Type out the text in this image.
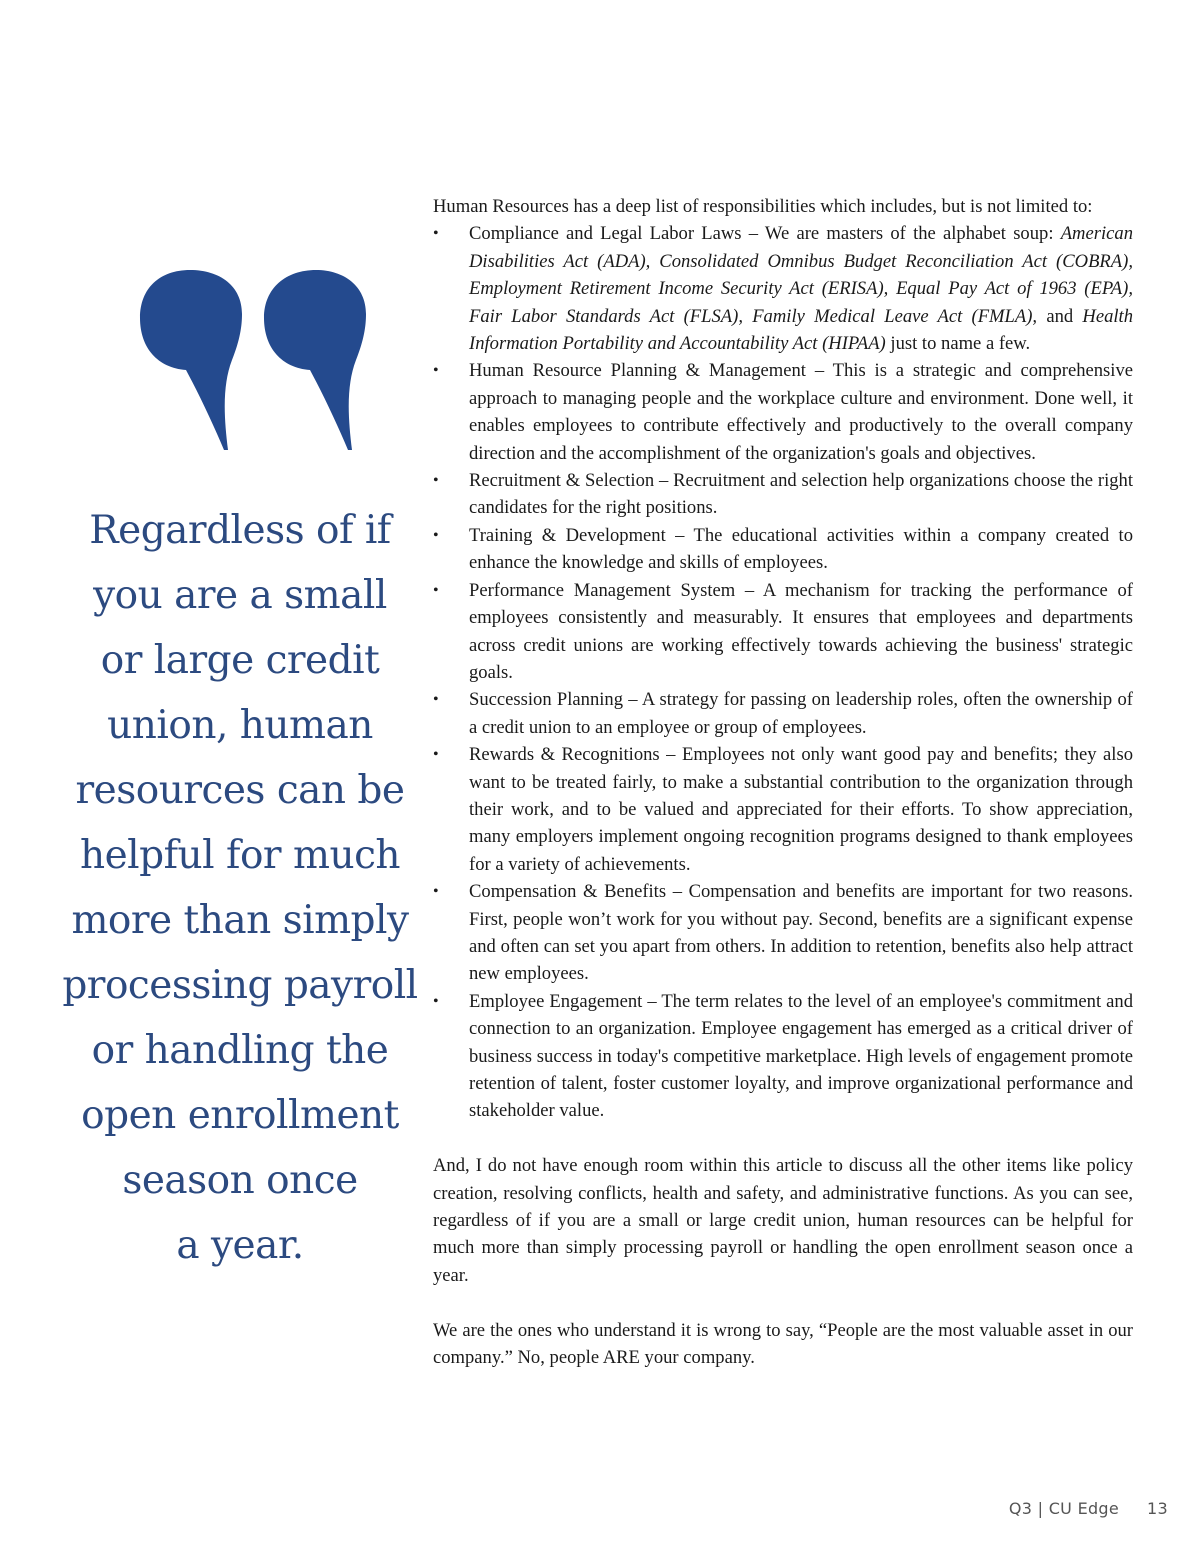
Regardless of if
you are a small
or large credit
union, human
resources can be
helpful for much
more than simply
processing payroll
or handling the
open enrollment
season once
a year.

Human Resources has a deep list of responsibilities which includes, but is not limited to:

• Compliance and Legal Labor Laws – We are masters of the alphabet soup: American Disabilities Act (ADA), Consolidated Omnibus Budget Reconciliation Act (COBRA), Employment Retirement Income Security Act (ERISA), Equal Pay Act of 1963 (EPA), Fair Labor Standards Act (FLSA), Family Medical Leave Act (FMLA), and Health Information Portability and Accountability Act (HIPAA) just to name a few.
• Human Resource Planning & Management – This is a strategic and comprehensive approach to managing people and the workplace culture and environment. Done well, it enables employees to contribute effectively and productively to the overall company direction and the accomplishment of the organization's goals and objectives.
• Recruitment & Selection – Recruitment and selection help organizations choose the right candidates for the right positions.
• Training & Development – The educational activities within a company created to enhance the knowledge and skills of employees.
• Performance Management System – A mechanism for tracking the performance of employees consistently and measurably. It ensures that employees and departments across credit unions are working effectively towards achieving the business' strategic goals.
• Succession Planning – A strategy for passing on leadership roles, often the ownership of a credit union to an employee or group of employees.
• Rewards & Recognitions – Employees not only want good pay and benefits; they also want to be treated fairly, to make a substantial contribution to the organization through their work, and to be valued and appreciated for their efforts. To show appreciation, many employers implement ongoing recognition programs designed to thank employees for a variety of achievements.
• Compensation & Benefits – Compensation and benefits are important for two reasons. First, people won’t work for you without pay. Second, benefits are a significant expense and often can set you apart from others. In addition to retention, benefits also help attract new employees.
• Employee Engagement – The term relates to the level of an employee's commitment and connection to an organization. Employee engagement has emerged as a critical driver of business success in today's competitive marketplace. High levels of engagement promote retention of talent, foster customer loyalty, and improve organizational performance and stakeholder value.

And, I do not have enough room within this article to discuss all the other items like policy creation, resolving conflicts, health and safety, and administrative functions. As you can see, regardless of if you are a small or large credit union, human resources can be helpful for much more than simply processing payroll or handling the open enrollment season once a year.

We are the ones who understand it is wrong to say, “People are the most valuable asset in our company.” No, people ARE your company.

Q3 | CU Edge 13
